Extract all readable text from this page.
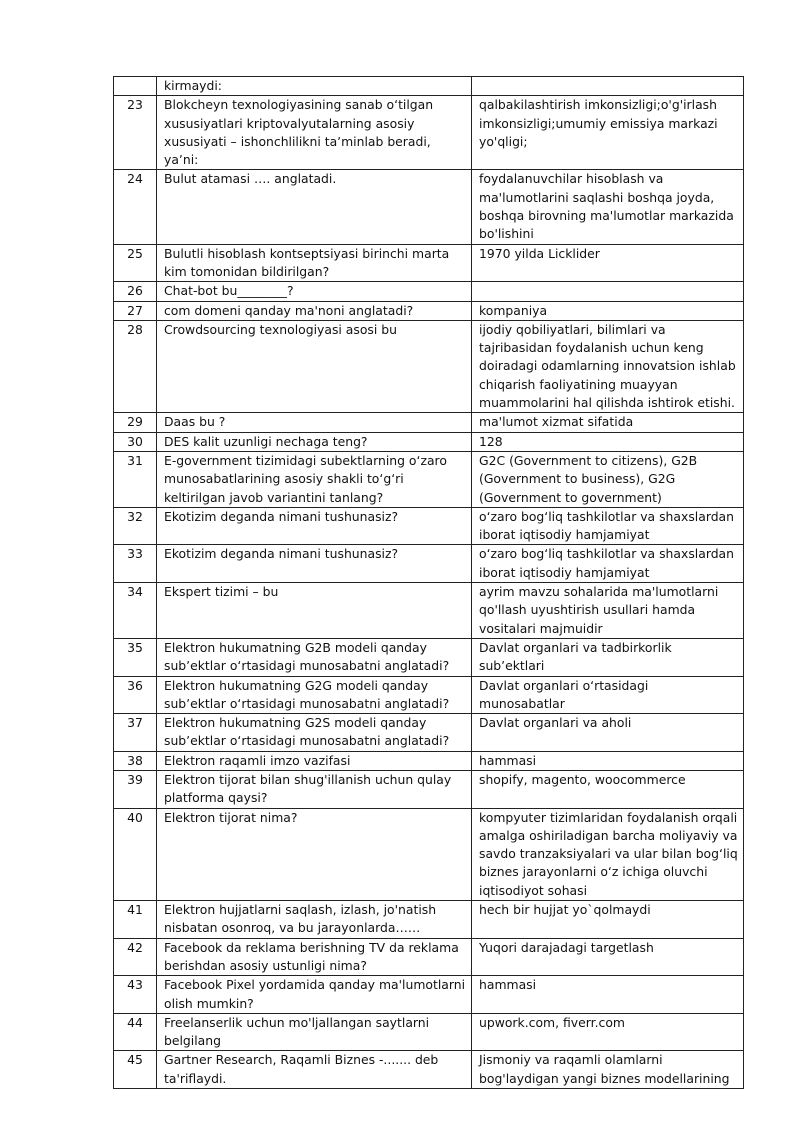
	kirmaydi:	
23	Blokcheyn texnologiyasining sanab oʻtilgan xususiyatlari kriptovalyutalarning asosiy xususiyati – ishonchlilikni taʼminlab beradi, yaʼni:	qalbakilashtirish imkonsizligi;o'g'irlash imkonsizligi;umumiy emissiya markazi yo'qligi;
24	Bulut atamasi …. anglatadi.	foydalanuvchilar hisoblash va ma'lumotlarini saqlashi boshqa joyda, boshqa birovning ma'lumotlar markazida bo'lishini
25	Bulutli hisoblash kontseptsiyasi birinchi marta kim tomonidan bildirilgan?	1970 yilda Licklider
26	Chat-bot bu________?	
27	com domeni qanday ma'noni anglatadi?	kompaniya
28	Crowdsourcing texnologiyasi asosi bu	ijodiy qobiliyatlari, bilimlari va tajribasidan foydalanish uchun keng doiradagi odamlarning innovatsion ishlab chiqarish faoliyatining muayyan muammolarini hal qilishda ishtirok etishi.
29	Daas bu ?	ma'lumot xizmat sifatida
30	DES kalit uzunligi nechaga teng?	128
31	E-government tizimidagi subektlarning oʻzaro munosabatlarining asosiy shakli toʻgʻri keltirilgan javob variantini tanlang?	G2C (Government to citizens), G2B (Government to business), G2G (Government to government)
32	Ekotizim deganda nimani tushunasiz?	oʻzaro bogʻliq tashkilotlar va shaxslardan iborat iqtisodiy hamjamiyat
33	Ekotizim deganda nimani tushunasiz?	oʻzaro bogʻliq tashkilotlar va shaxslardan iborat iqtisodiy hamjamiyat
34	Ekspert tizimi – bu	ayrim mavzu sohalarida ma'lumotlarni qo'llash uyushtirish usullari hamda vositalari majmuidir
35	Elektron hukumatning G2B modeli qanday subʼektlar oʻrtasidagi munosabatni anglatadi?	Davlat organlari va tadbirkorlik subʼektlari
36	Elektron hukumatning G2G modeli qanday subʼektlar oʻrtasidagi munosabatni anglatadi?	Davlat organlari oʻrtasidagi munosabatlar
37	Elektron hukumatning G2S modeli qanday subʼektlar oʻrtasidagi munosabatni anglatadi?	Davlat organlari va aholi
38	Elektron raqamli imzo vazifasi	hammasi
39	Elektron tijorat bilan shug'illanish uchun qulay platforma qaysi?	shopify, magento, woocommerce
40	Elektron tijorat nima?	kompyuter tizimlaridan foydalanish orqali amalga oshiriladigan barcha moliyaviy va savdo tranzaksiyalari va ular bilan bogʻliq biznes jarayonlarni oʻz ichiga oluvchi iqtisodiyot sohasi
41	Elektron hujjatlarni saqlash, izlash, jo'natish nisbatan osonroq, va bu jarayonlarda……	hech bir hujjat yo`qolmaydi
42	Facebook da reklama berishning TV da reklama berishdan asosiy ustunligi nima?	Yuqori darajadagi targetlash
43	Facebook Pixel yordamida qanday ma'lumotlarni olish mumkin?	hammasi
44	Freelanserlik uchun mo'ljallangan saytlarni belgilang	upwork.com, fiverr.com
45	Gartner Research, Raqamli Biznes -....... deb ta'riflaydi.	Jismoniy va raqamli olamlarni bog'laydigan yangi biznes modellarining
